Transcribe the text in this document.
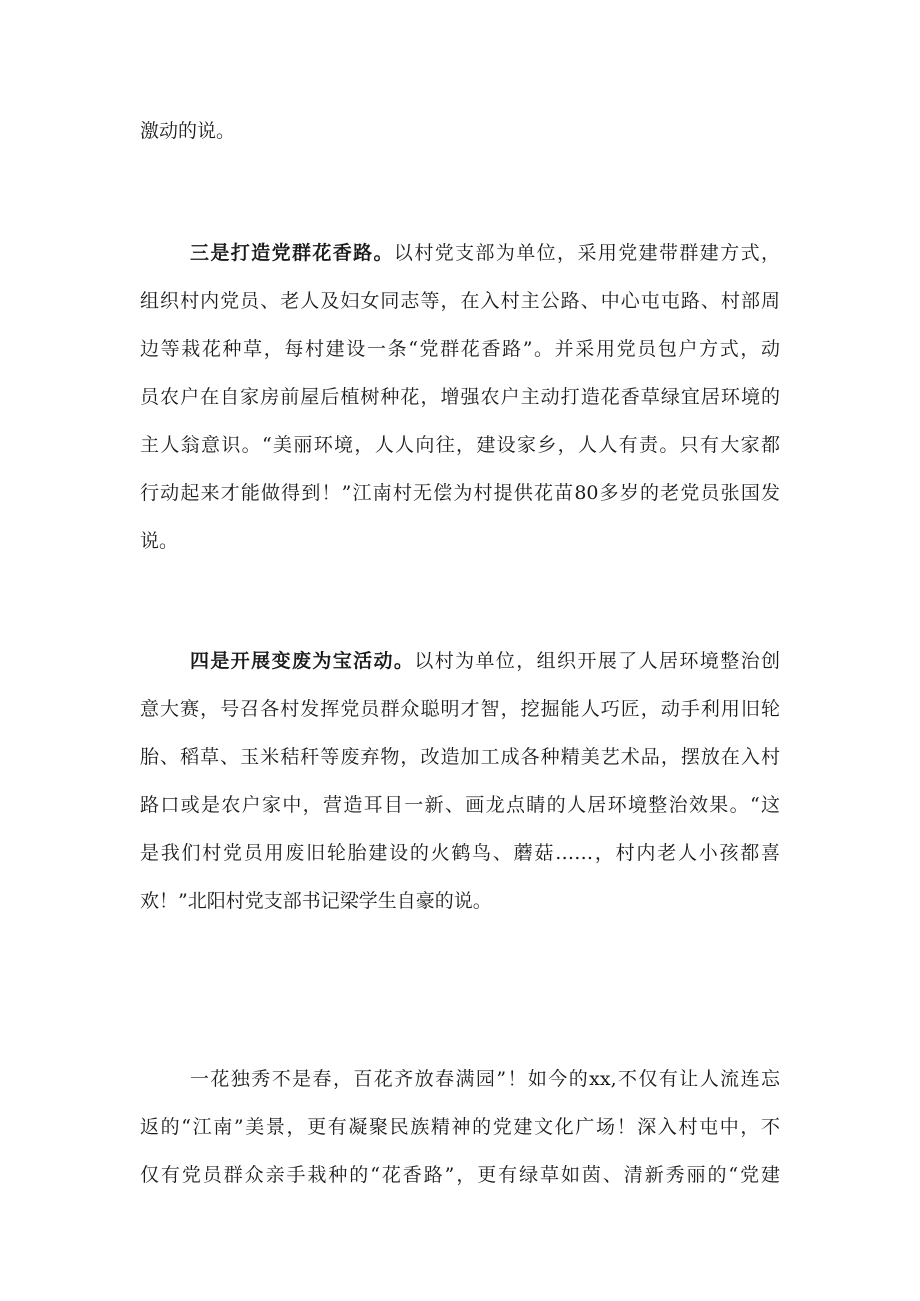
激动的说。
三是打造党群花香路。以村党支部为单位，采用党建带群建方式，
组织村内党员、老人及妇女同志等，在入村主公路、中心屯屯路、村部周
边等栽花种草，每村建设一条“党群花香路”。并采用党员包户方式，动
员农户在自家房前屋后植树种花，增强农户主动打造花香草绿宜居环境的
主人翁意识。“美丽环境，人人向往，建设家乡，人人有责。只有大家都
行动起来才能做得到！”江南村无偿为村提供花苗80多岁的老党员张国发
说。
四是开展变废为宝活动。以村为单位，组织开展了人居环境整治创
意大赛，号召各村发挥党员群众聪明才智，挖掘能人巧匠，动手利用旧轮
胎、稻草、玉米秸秆等废弃物，改造加工成各种精美艺术品，摆放在入村
路口或是农户家中，营造耳目一新、画龙点睛的人居环境整治效果。“这
是我们村党员用废旧轮胎建设的火鹤鸟、蘑菇……，村内老人小孩都喜
欢！”北阳村党支部书记梁学生自豪的说。
一花独秀不是春，百花齐放春满园”！如今的xx,不仅有让人流连忘
返的“江南”美景，更有凝聚民族精神的党建文化广场！深入村屯中，不
仅有党员群众亲手栽种的“花香路”，更有绿草如茵、清新秀丽的“党建
